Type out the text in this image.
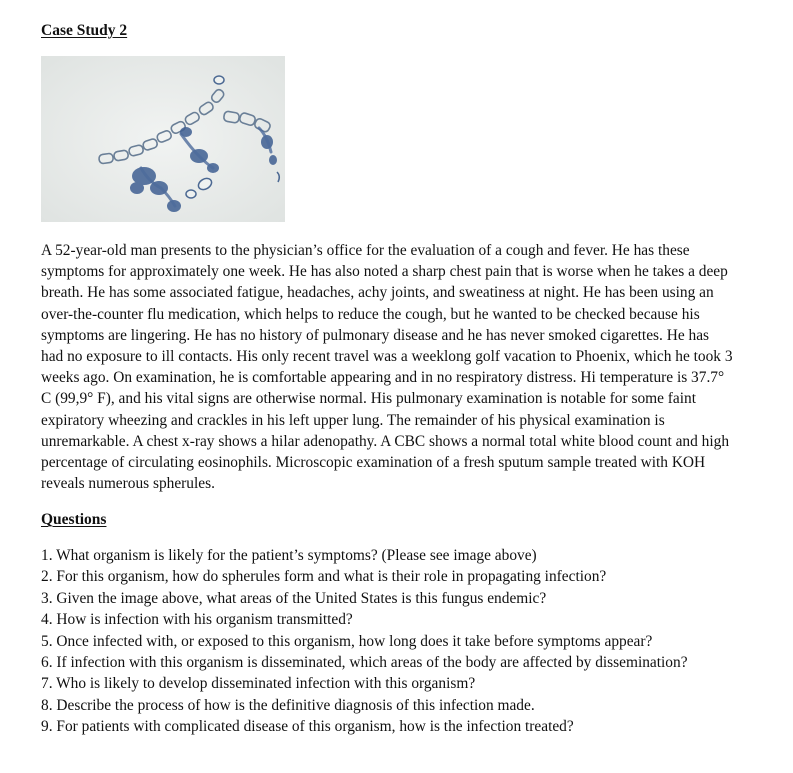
Case Study 2
A 52-year-old man presents to the physician’s office for the evaluation of a cough and fever. He has these
symptoms for approximately one week. He has also noted a sharp chest pain that is worse when he takes a deep
breath. He has some associated fatigue, headaches, achy joints, and sweatiness at night. He has been using an
over-the-counter flu medication, which helps to reduce the cough, but he wanted to be checked because his
symptoms are lingering. He has no history of pulmonary disease and he has never smoked cigarettes. He has
had no exposure to ill contacts. His only recent travel was a weeklong golf vacation to Phoenix, which he took 3
weeks ago. On examination, he is comfortable appearing and in no respiratory distress. Hi temperature is 37.7°
C (99,9° F), and his vital signs are otherwise normal. His pulmonary examination is notable for some faint
expiratory wheezing and crackles in his left upper lung. The remainder of his physical examination is
unremarkable. A chest x-ray shows a hilar adenopathy. A CBC shows a normal total white blood count and high
percentage of circulating eosinophils. Microscopic examination of a fresh sputum sample treated with KOH
reveals numerous spherules.
Questions
1. What organism is likely for the patient’s symptoms? (Please see image above)
2. For this organism, how do spherules form and what is their role in propagating infection?
3. Given the image above, what areas of the United States is this fungus endemic?
4. How is infection with his organism transmitted?
5. Once infected with, or exposed to this organism, how long does it take before symptoms appear?
6. If infection with this organism is disseminated, which areas of the body are affected by dissemination?
7. Who is likely to develop disseminated infection with this organism?
8. Describe the process of how is the definitive diagnosis of this infection made.
9. For patients with complicated disease of this organism, how is the infection treated?
